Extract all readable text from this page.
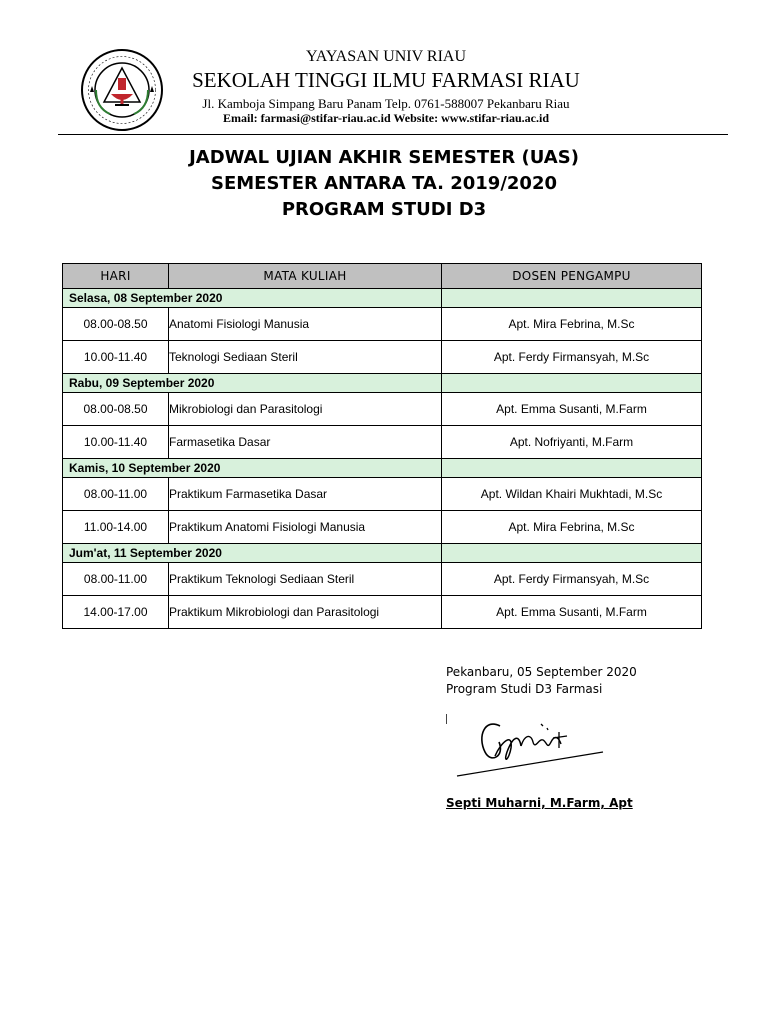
YAYASAN UNIV RIAU
SEKOLAH TINGGI ILMU FARMASI RIAU
Jl. Kamboja Simpang Baru Panam Telp. 0761-588007 Pekanbaru Riau
Email: farmasi@stifar-riau.ac.id Website: www.stifar-riau.ac.id
JADWAL UJIAN AKHIR SEMESTER (UAS)
SEMESTER ANTARA TA. 2019/2020
PROGRAM STUDI D3
HARI	MATA KULIAH	DOSEN PENGAMPU
Selasa, 08 September 2020		
08.00-08.50	Anatomi Fisiologi Manusia	Apt. Mira Febrina, M.Sc
10.00-11.40	Teknologi Sediaan Steril	Apt. Ferdy Firmansyah, M.Sc
Rabu, 09 September 2020		
08.00-08.50	Mikrobiologi dan Parasitologi	Apt. Emma Susanti, M.Farm
10.00-11.40	Farmasetika Dasar	Apt. Nofriyanti, M.Farm
Kamis, 10 September 2020		
08.00-11.00	Praktikum Farmasetika Dasar	Apt. Wildan Khairi Mukhtadi, M.Sc
11.00-14.00	Praktikum Anatomi Fisiologi Manusia	Apt. Mira Febrina, M.Sc
Jum'at, 11 September 2020		
08.00-11.00	Praktikum Teknologi Sediaan Steril	Apt. Ferdy Firmansyah, M.Sc
14.00-17.00	Praktikum Mikrobiologi dan Parasitologi	Apt. Emma Susanti, M.Farm
Pekanbaru, 05 September 2020
Program Studi D3 Farmasi
Septi Muharni, M.Farm, Apt
